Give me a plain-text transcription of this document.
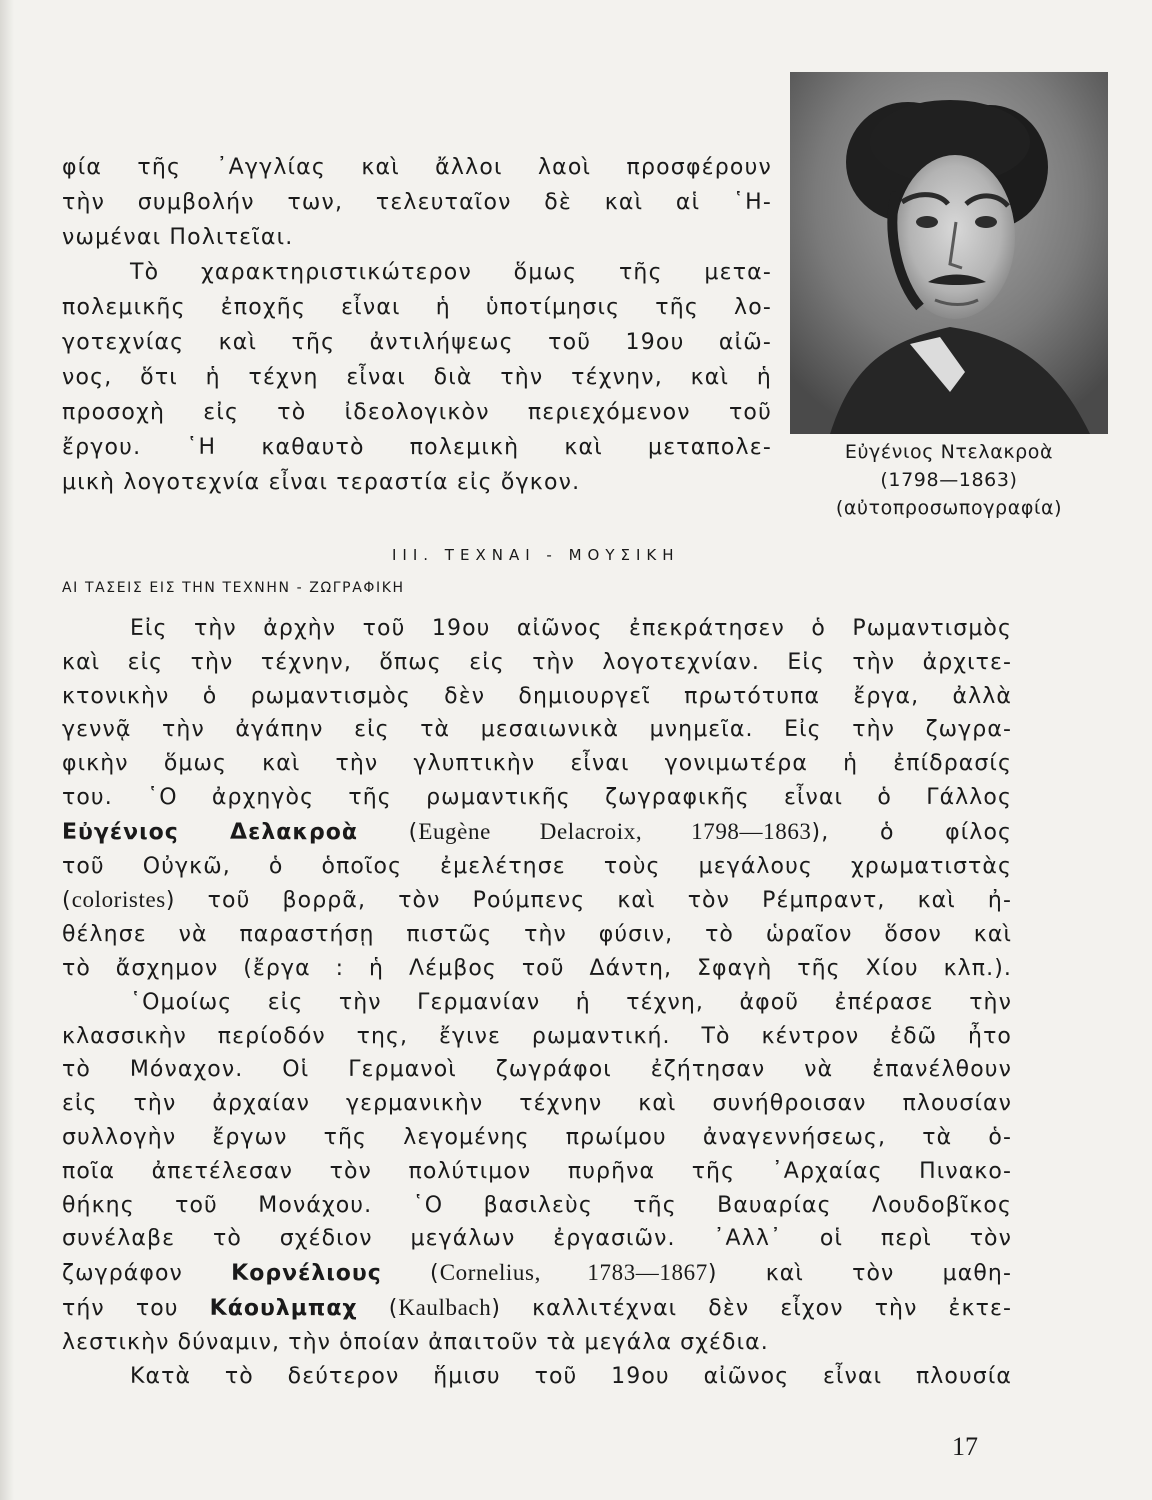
φία τῆς ᾿Αγγλίας καὶ ἄλλοι λαοὶ προσφέρουν
τὴν συμβολήν των, τελευταῖον δὲ καὶ αἱ ῾Η-
νωμέναι Πολιτεῖαι.
Τὸ χαρακτηριστικώτερον ὅμως τῆς μετα-
πολεμικῆς ἐποχῆς εἶναι ἡ ὑποτίμησις τῆς λο-
γοτεχνίας καὶ τῆς ἀντιλήψεως τοῦ 19ου αἰῶ-
νος, ὅτι ἡ τέχνη εἶναι διὰ τὴν τέχνην, καὶ ἡ
προσοχὴ εἰς τὸ ἰδεολογικὸν περιεχόμενον τοῦ
ἔργου. ῾Η καθαυτὸ πολεμικὴ καὶ μεταπολε-
μικὴ λογοτεχνία εἶναι τεραστία εἰς ὄγκον.
Εὐγένιος Ντελακροὰ
(1798—1863)
(αὐτοπροσωπογραφία)
III. ΤΕΧΝΑΙ - ΜΟΥΣΙΚΗ
ΑΙ ΤΑΣΕΙΣ ΕΙΣ ΤΗΝ ΤΕΧΝΗΝ - ΖΩΓΡΑΦΙΚΗ
Εἰς τὴν ἀρχὴν τοῦ 19ου αἰῶνος ἐπεκράτησεν ὁ Ρωμαντισμὸς
καὶ εἰς τὴν τέχνην, ὅπως εἰς τὴν λογοτεχνίαν. Εἰς τὴν ἀρχιτε-
κτονικὴν ὁ ρωμαντισμὸς δὲν δημιουργεῖ πρωτότυπα ἔργα, ἀλλὰ
γεννᾷ τὴν ἀγάπην εἰς τὰ μεσαιωνικὰ μνημεῖα. Εἰς τὴν ζωγρα-
φικὴν ὅμως καὶ τὴν γλυπτικὴν εἶναι γονιμωτέρα ἡ ἐπίδρασίς
του. ῾Ο ἀρχηγὸς τῆς ρωμαντικῆς ζωγραφικῆς εἶναι ὁ Γάλλος
Εὐγένιος Δελακροὰ (Eugène Delacroix, 1798—1863), ὁ φίλος
τοῦ Οὐγκῶ, ὁ ὁποῖος ἐμελέτησε τοὺς μεγάλους χρωματιστὰς
(coloristes) τοῦ βορρᾶ, τὸν Ρούμπενς καὶ τὸν Ρέμπραντ, καὶ ἠ-
θέλησε νὰ παραστήσῃ πιστῶς τὴν φύσιν, τὸ ὡραῖον ὅσον καὶ
τὸ ἄσχημον (ἔργα : ἡ Λέμβος τοῦ Δάντη, Σφαγὴ τῆς Χίου κλπ.).
῾Ομοίως εἰς τὴν Γερμανίαν ἡ τέχνη, ἀφοῦ ἐπέρασε τὴν
κλασσικὴν περίοδόν της, ἔγινε ρωμαντική. Τὸ κέντρον ἐδῶ ἦτο
τὸ Μόναχον. Οἱ Γερμανοὶ ζωγράφοι ἐζήτησαν νὰ ἐπανέλθουν
εἰς τὴν ἀρχαίαν γερμανικὴν τέχνην καὶ συνήθροισαν πλουσίαν
συλλογὴν ἔργων τῆς λεγομένης πρωίμου ἀναγεννήσεως, τὰ ὁ-
ποῖα ἀπετέλεσαν τὸν πολύτιμον πυρῆνα τῆς ᾿Αρχαίας Πινακο-
θήκης τοῦ Μονάχου. ῾Ο βασιλεὺς τῆς Βαυαρίας Λουδοβῖκος
συνέλαβε τὸ σχέδιον μεγάλων ἐργασιῶν. ᾿Αλλ᾿ οἱ περὶ τὸν
ζωγράφον Κορνέλιους (Cornelius, 1783—1867) καὶ τὸν μαθη-
τήν του Κάουλμπαχ (Kaulbach) καλλιτέχναι δὲν εἶχον τὴν ἐκτε-
λεστικὴν δύναμιν, τὴν ὁποίαν ἀπαιτοῦν τὰ μεγάλα σχέδια.
Κατὰ τὸ δεύτερον ἥμισυ τοῦ 19ου αἰῶνος εἶναι πλουσία
17
